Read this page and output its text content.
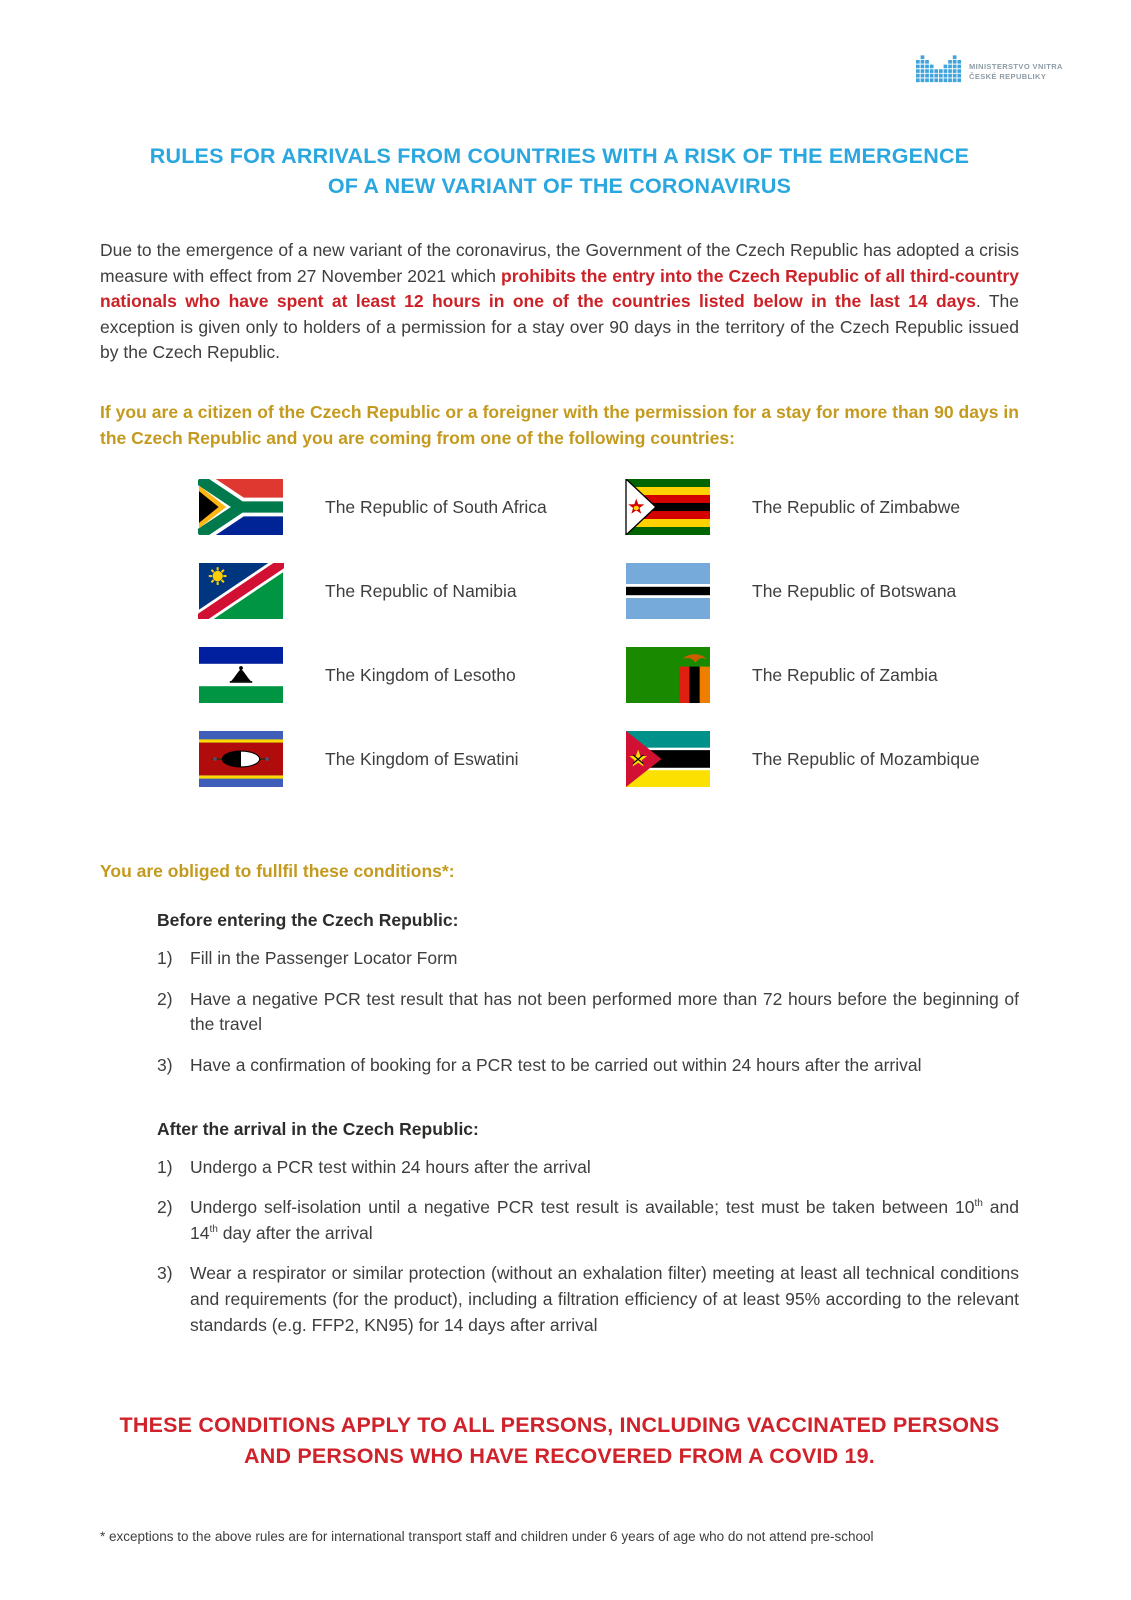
MINISTERSTVO VNITRA
ČESKÉ REPUBLIKY
RULES FOR ARRIVALS FROM COUNTRIES WITH A RISK OF THE EMERGENCE
OF A NEW VARIANT OF THE CORONAVIRUS

Due to the emergence of a new variant of the coronavirus, the Government of the Czech Republic has adopted a crisis measure with effect from 27 November 2021 which prohibits the entry into the Czech Republic of all third-country nationals who have spent at least 12 hours in one of the countries listed below in the last 14 days. The exception is given only to holders of a permission for a stay over 90 days in the territory of the Czech Republic issued by the Czech Republic.

If you are a citizen of the Czech Republic or a foreigner with the permission for a stay for more than 90 days in the Czech Republic and you are coming from one of the following countries:

The Republic of South Africa	The Republic of Zimbabwe
The Republic of Namibia	The Republic of Botswana
The Kingdom of Lesotho	The Republic of Zambia
The Kingdom of Eswatini	The Republic of Mozambique

You are obliged to fullfil these conditions*:

Before entering the Czech Republic:

1) Fill in the Passenger Locator Form

2) Have a negative PCR test result that has not been performed more than 72 hours before the beginning of the travel

3) Have a confirmation of booking for a PCR test to be carried out within 24 hours after the arrival

After the arrival in the Czech Republic:

1) Undergo a PCR test within 24 hours after the arrival

2) Undergo self-isolation until a negative PCR test result is available; test must be taken between 10th and 14th day after the arrival

3) Wear a respirator or similar protection (without an exhalation filter) meeting at least all technical conditions and requirements (for the product), including a filtration efficiency of at least 95% according to the relevant standards (e.g. FFP2, KN95) for 14 days after arrival

THESE CONDITIONS APPLY TO ALL PERSONS, INCLUDING VACCINATED PERSONS
AND PERSONS WHO HAVE RECOVERED FROM A COVID 19.

* exceptions to the above rules are for international transport staff and children under 6 years of age who do not attend pre-school
